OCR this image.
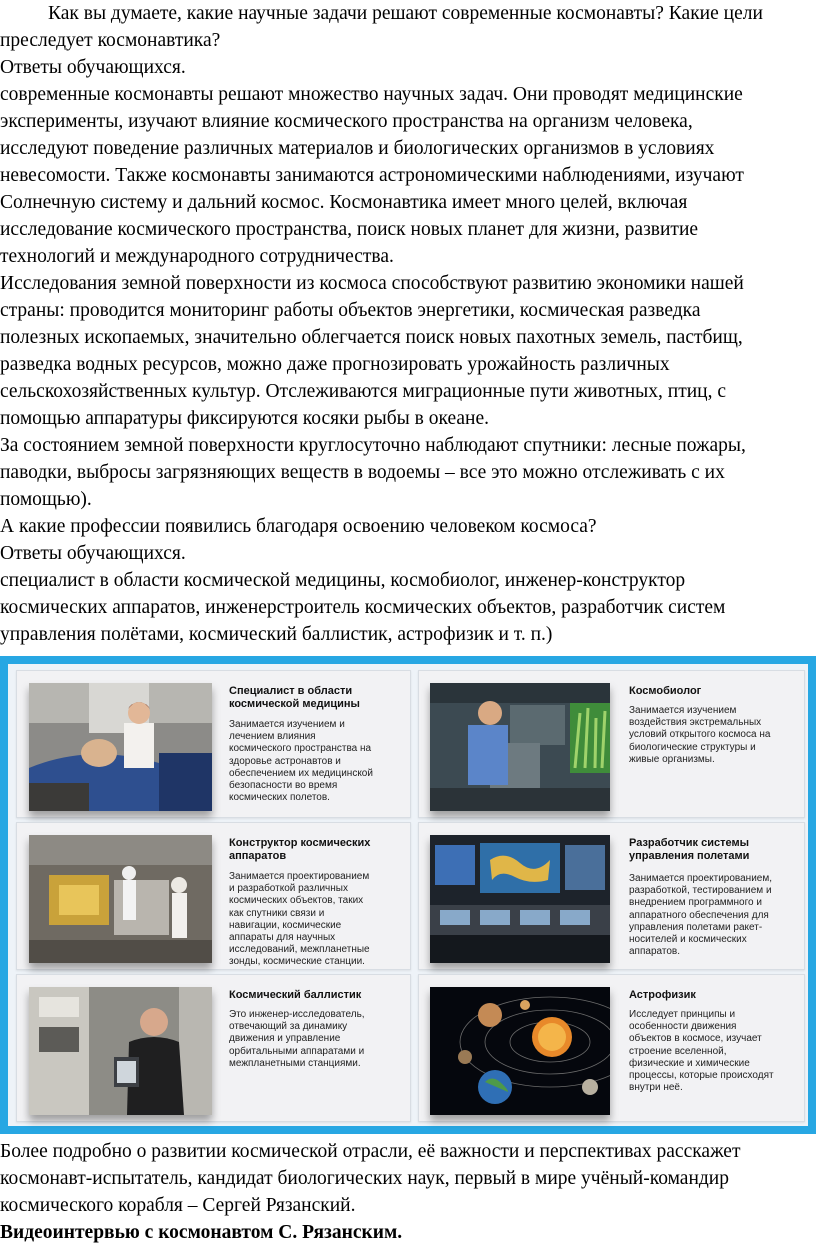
Как вы думаете, какие научные задачи решают современные космонавты? Какие цели

преследует космонавтика?

Ответы обучающихся.

современные космонавты решают множество научных задач. Они проводят медицинские

эксперименты, изучают влияние космического пространства на организм человека,

исследуют поведение различных материалов и биологических организмов в условиях

невесомости. Также космонавты занимаются астрономическими наблюдениями, изучают

Солнечную систему и дальний космос. Космонавтика имеет много целей, включая

исследование космического пространства, поиск новых планет для жизни, развитие

технологий и международного сотрудничества.

Исследования земной поверхности из космоса способствуют развитию экономики нашей

страны: проводится мониторинг работы объектов энергетики, космическая разведка

полезных ископаемых, значительно облегчается поиск новых пахотных земель, пастбищ,

разведка водных ресурсов, можно даже прогнозировать урожайность различных

сельскохозяйственных культур. Отслеживаются миграционные пути животных, птиц, с

помощью аппаратуры фиксируются косяки рыбы в океане.

За состоянием земной поверхности круглосуточно наблюдают спутники: лесные пожары,

паводки, выбросы загрязняющих веществ в водоемы – все это можно отслеживать с их

помощью).

А какие профессии появились благодаря освоению человеком космоса?

Ответы обучающихся.

специалист в области космической медицины, космобиолог, инженер-конструктор

космических аппаратов, инженерстроитель космических объектов, разработчик систем

управления полётами, космический баллистик, астрофизик и т. п.)

Специалист в области
космической медицины
Занимается изучением и
лечением влияния
космического пространства на
здоровье астронавтов и
обеспечением их медицинской
безопасности во время
космических полетов.
Космобиолог
Занимается изучением
воздействия экстремальных
условий открытого космоса на
биологические структуры и
живые организмы.
Конструктор космических
аппаратов
Занимается проектированием
и разработкой различных
космических объектов, таких
как спутники связи и
навигации, космические
аппараты для научных
исследований, межпланетные
зонды, космические станции.
Разработчик системы
управления полетами
Занимается проектированием,
разработкой, тестированием и
внедрением программного и
аппаратного обеспечения для
управления полетами ракет-
носителей и космических
аппаратов.
Космический баллистик
Это инженер-исследователь,
отвечающий за динамику
движения и управление
орбитальными аппаратами и
межпланетными станциями.
Астрофизик
Исследует принципы и
особенности движения
объектов в космосе, изучает
строение вселенной,
физические и химические
процессы, которые происходят
внутри неё.

Более подробно о развитии космической отрасли, её важности и перспективах расскажет

космонавт-испытатель, кандидат биологических наук, первый в мире учёный-командир

космического корабля – Сергей Рязанский.

Видеоинтервью с космонавтом С. Рязанским.
